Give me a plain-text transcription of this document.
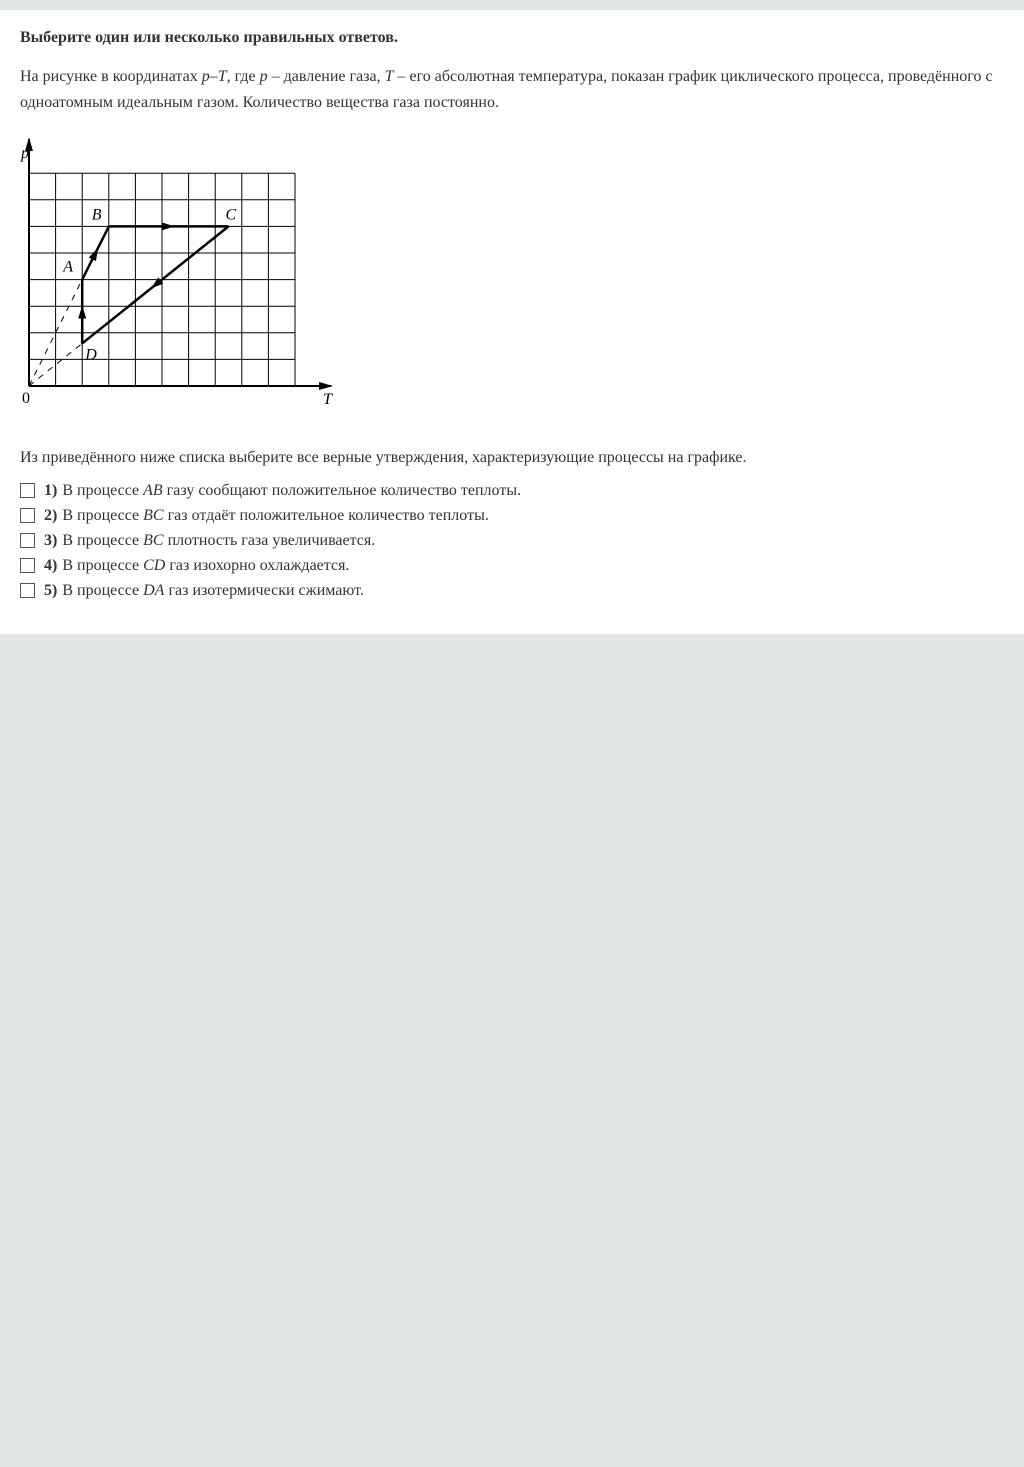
Выберите один или несколько правильных ответов.

На рисунке в координатах p–T, где p – давление газа, T – его абсолютная температура, показан график циклического процесса, проведённого с одноатомным идеальным газом. Количество вещества газа постоянно.

p
T
0
A
B	C
D

Из приведённого ниже списка выберите все верные утверждения, характеризующие процессы на графике.

1) В процессе AB газу сообщают положительное количество теплоты.
2) В процессе BC газ отдаёт положительное количество теплоты.
3) В процессе BC плотность газа увеличивается.
4) В процессе CD газ изохорно охлаждается.
5) В процессе DA газ изотермически сжимают.
